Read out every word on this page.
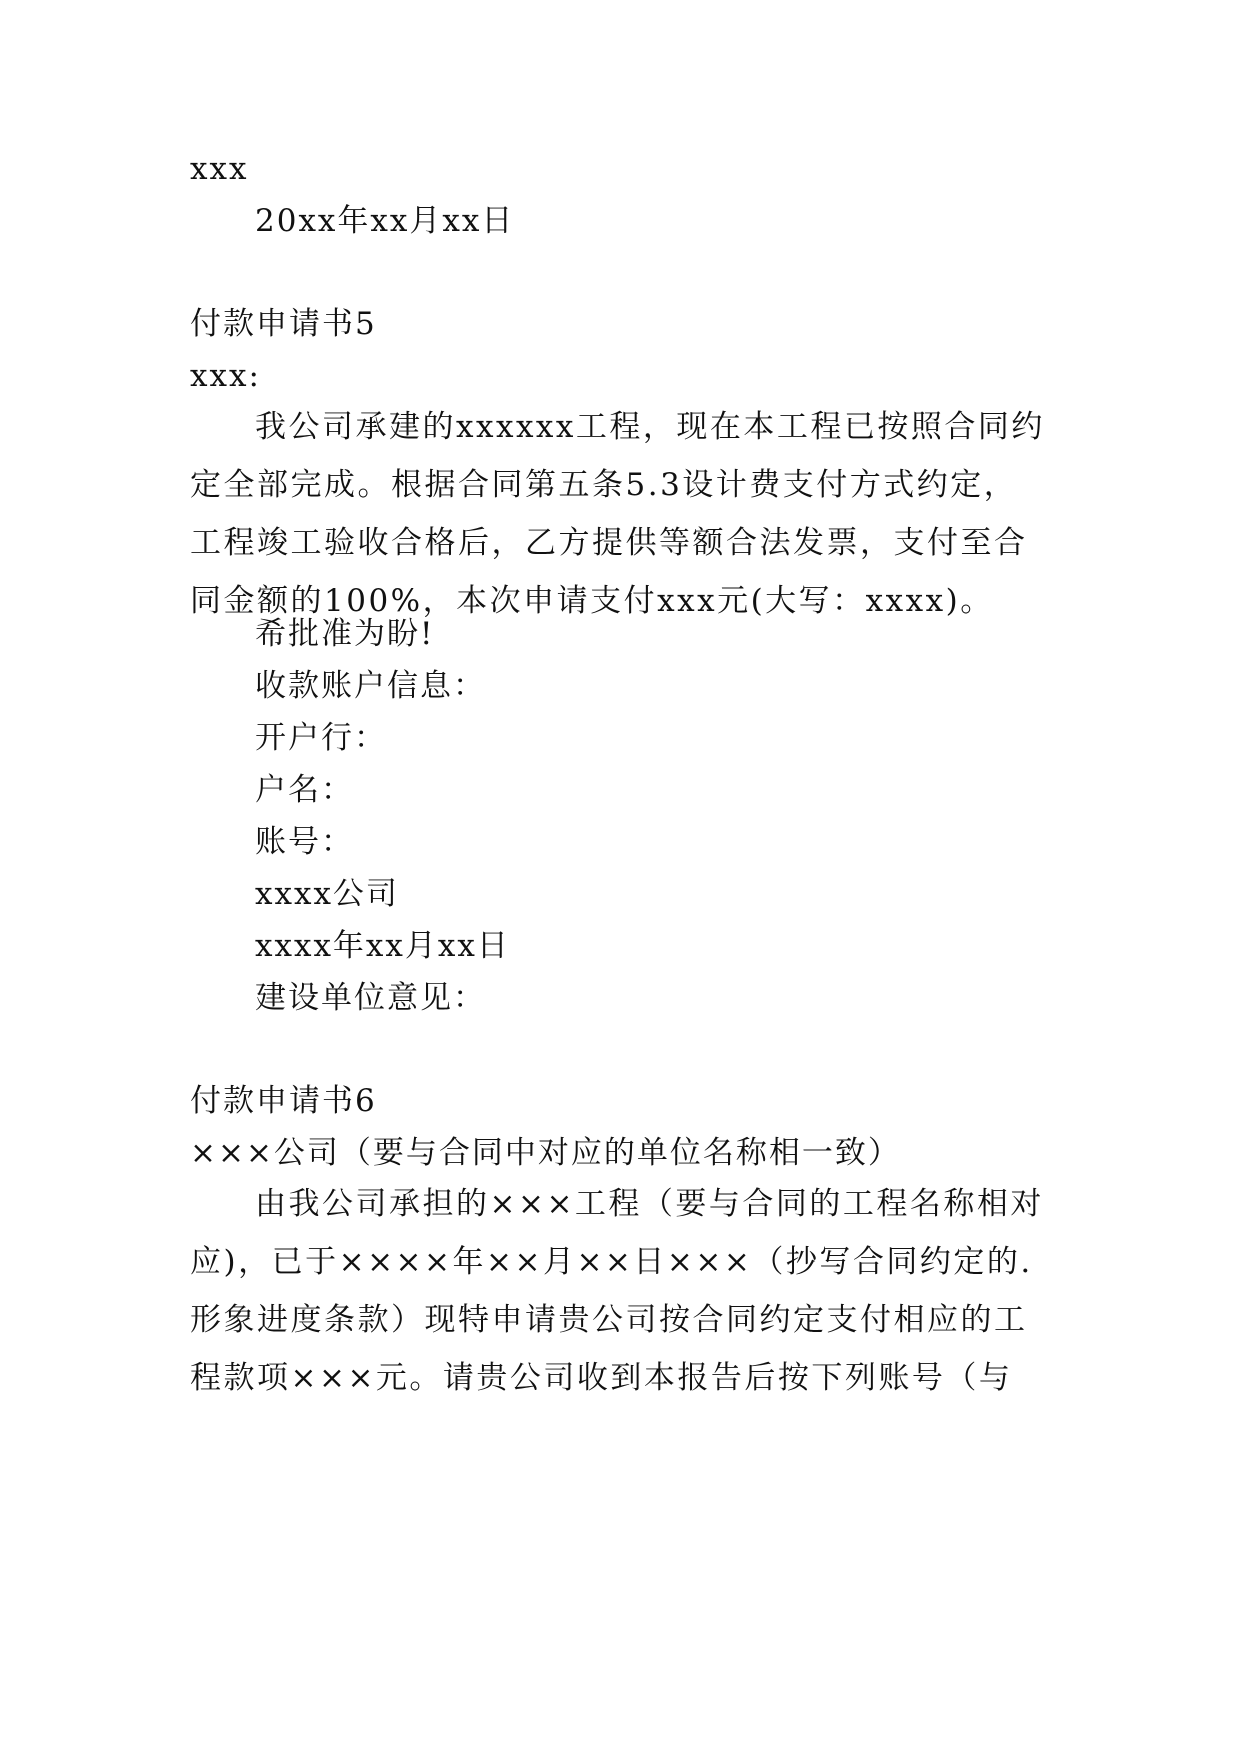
xxx
20xx年xx月xx日
付款申请书5
xxx:
我公司承建的xxxxxx工程，现在本工程已按照合同约定全部完成。根据合同第五条5.3设计费支付方式约定，工程竣工验收合格后，乙方提供等额合法发票，支付至合同金额的100%，本次申请支付xxx元(大写：xxxx)。
希批准为盼!
收款账户信息：
开户行：
户名：
账号：
xxxx公司
xxxx年xx月xx日
建设单位意见：
付款申请书6
×××公司（要与合同中对应的单位名称相一致）
由我公司承担的×××工程（要与合同的工程名称相对应)，已于××××年××月××日×××（抄写合同约定的.形象进度条款）现特申请贵公司按合同约定支付相应的工程款项×××元。请贵公司收到本报告后按下列账号（与
